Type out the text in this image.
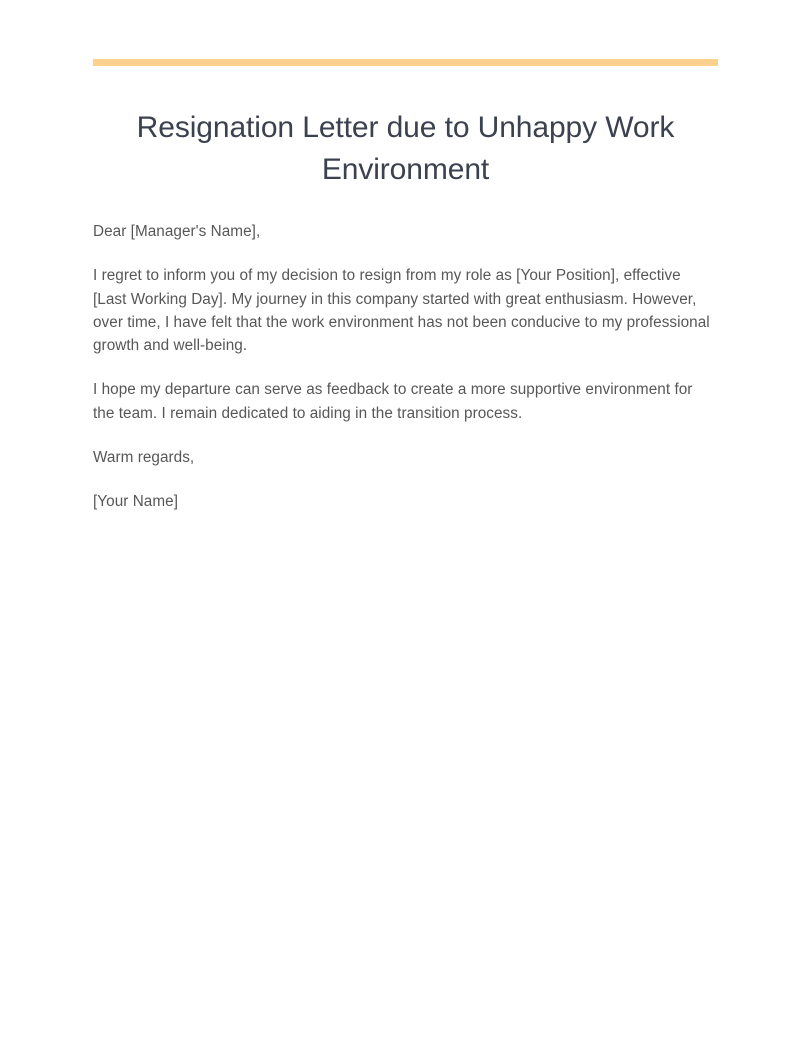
Resignation Letter due to Unhappy Work Environment

Dear [Manager's Name],

I regret to inform you of my decision to resign from my role as [Your Position], effective [Last Working Day]. My journey in this company started with great enthusiasm. However, over time, I have felt that the work environment has not been conducive to my professional growth and well-being.

I hope my departure can serve as feedback to create a more supportive environment for the team. I remain dedicated to aiding in the transition process.

Warm regards,

[Your Name]
